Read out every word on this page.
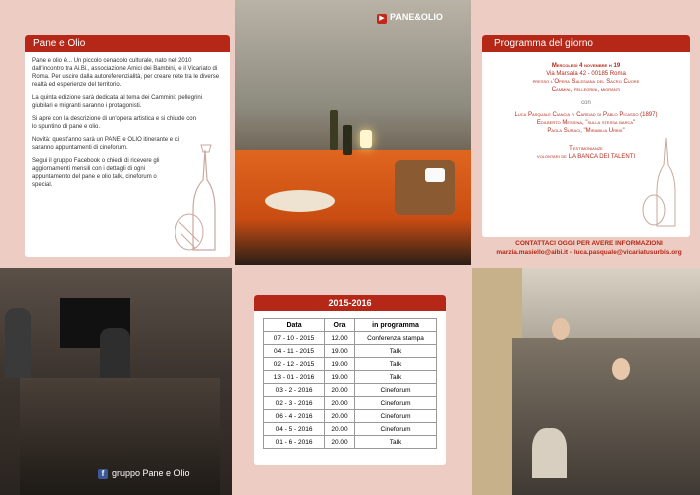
Pane e Olio

Pane e olio è... Un piccolo cenacolo culturale, nato nel 2010 dall'incontro tra Ai.Bi., associazione Amici dei Bambini, e il Vicariato di Roma. Per uscire dalla autoreferenzialità, per creare rete tra le diverse realtà ed esperienze del territorio.

La quinta edizione sarà dedicata al tema dei Cammini: pellegrini giubilari e migranti saranno i protagonisti.

Si apre con la descrizione di un'opera artistica e si chiude con lo spuntino di pane e olio.

Novità: quest'anno sarà un PANE e OLIO itinerante e ci saranno appuntamenti di cineforum.

Segui il gruppo Facebook o chiedi di ricevere gli aggiornamenti mensili con i dettagli di ogni appuntamento del pane e olio talk, cineforum o special.

▶ PANE&OLIO
Programma del giorno
Mercoledì 4 novembre h 19
Via Marsala 42 - 00185 Roma
presso l'Opera Salesiana del Sacro Cuore
Cammini, pellegrini, migranti
con
Luca Pasquale Ciancia y Caridad di Pablo Picasso (1897)
Edilberto Messina, "sulla stessa barca"
Paola Suraci, "Mirabilia Urbis"
Testimonianze
volontari de LA BANCA DEI TALENTI
CONTATTACI OGGI PER AVERE INFORMAZIONI
marzia.masiello@aibi.it - luca.pasquale@vicariatusurbis.org
f gruppo Pane e Olio
2015-2016
Data	Ora	in programma
07 - 10 - 2015	12.00	Conferenza stampa
04 - 11 - 2015	19.00	Talk
02 - 12 - 2015	19.00	Talk
13 - 01 - 2016	19.00	Talk
03 - 2 - 2016	20.00	Cineforum
02 - 3 - 2016	20.00	Cineforum
06 - 4 - 2016	20.00	Cineforum
04 - 5 - 2016	20.00	Cineforum
01 - 6 - 2016	20.00	Talk
